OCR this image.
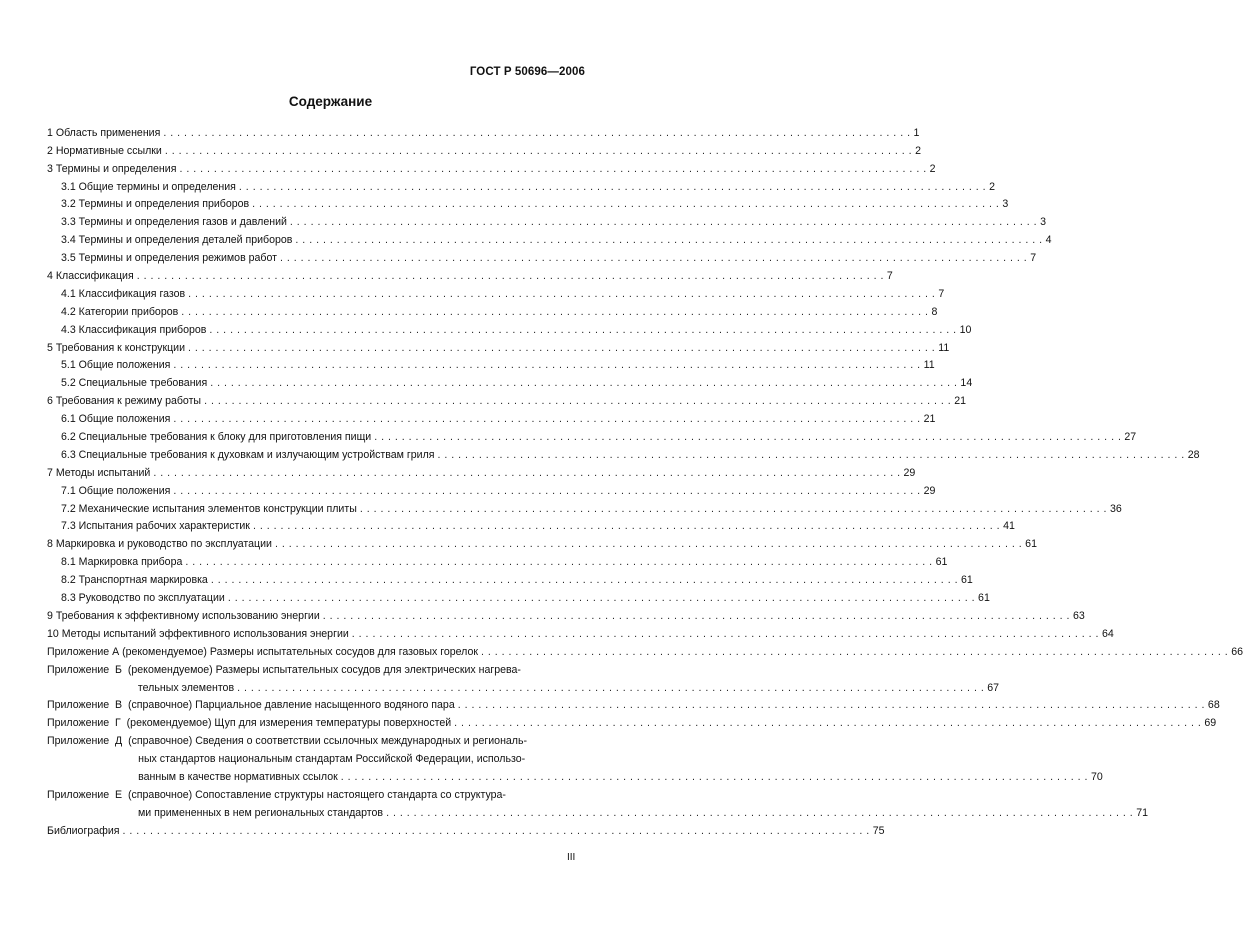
ГОСТ Р 50696—2006
Содержание
1 Область применения . . .	1
2 Нормативные ссылки . . .	2
3 Термины и определения . . .	2
3.1 Общие термины и определения . . .	2
3.2 Термины и определения приборов . . .	3
3.3 Термины и определения газов и давлений . . .	3
3.4 Термины и определения деталей приборов . . .	4
3.5 Термины и определения режимов работ . . .	7
4 Классификация . . .	7
4.1 Классификация газов . . .	7
4.2 Категории приборов . . .	8
4.3 Классификация приборов . . .	10
5 Требования к конструкции . . .	11
5.1 Общие положения . . .	11
5.2 Специальные требования . . .	14
6 Требования к режиму работы . . .	21
6.1 Общие положения . . .	21
6.2 Специальные требования к блоку для приготовления пищи . . .	27
6.3 Специальные требования к духовкам и излучающим устройствам гриля . . .	28
7 Методы испытаний . . .	29
7.1 Общие положения . . .	29
7.2 Механические испытания элементов конструкции плиты . . .	36
7.3 Испытания рабочих характеристик . . .	41
8 Маркировка и руководство по эксплуатации . . .	61
8.1 Маркировка прибора . . .	61
8.2 Транспортная маркировка . . .	61
8.3 Руководство по эксплуатации . . .	61
9 Требования к эффективному использованию энергии . . .	63
10 Методы испытаний эффективного использования энергии . . .	64
Приложение А (рекомендуемое) Размеры испытательных сосудов для газовых горелок . . .	66
Приложение  Б (рекомендуемое) Размеры испытательных сосудов для электрических нагрева-
тельных элементов . . .	67
Приложение  В (справочное) Парциальное давление насыщенного водяного пара . . .	68
Приложение  Г (рекомендуемое) Щуп для измерения температуры поверхностей . . .	69
Приложение  Д (справочное) Сведения о соответствии ссылочных международных и региональ-
ных стандартов национальным стандартам Российской Федерации, использо-
ванным в качестве нормативных ссылок . . .	70
Приложение  Е (справочное) Сопоставление структуры настоящего стандарта со структура-
ми примененных в нем региональных стандартов . . .	71
Библиография . . .	75
III
